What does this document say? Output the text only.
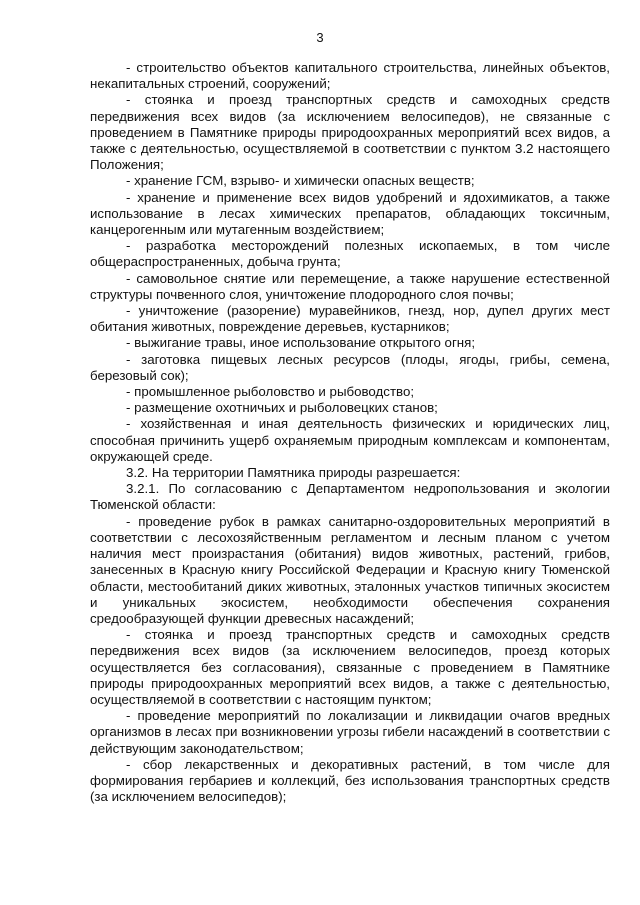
3

- строительство объектов капитального строительства, линейных объектов, некапитальных строений, сооружений;

- стоянка и проезд транспортных средств и самоходных средств передвижения всех видов (за исключением велосипедов), не связанные с проведением в Памятнике природы природоохранных мероприятий всех видов, а также с деятельностью, осуществляемой в соответствии с пунктом 3.2 настоящего Положения;

- хранение ГСМ, взрыво- и химически опасных веществ;

- хранение и применение всех видов удобрений и ядохимикатов, а также использование в лесах химических препаратов, обладающих токсичным, канцерогенным или мутагенным воздействием;

- разработка месторождений полезных ископаемых, в том числе общераспространенных, добыча грунта;

- самовольное снятие или перемещение, а также нарушение естественной структуры почвенного слоя, уничтожение плодородного слоя почвы;

- уничтожение (разорение) муравейников, гнезд, нор, дупел других мест обитания животных, повреждение деревьев, кустарников;

- выжигание травы, иное использование открытого огня;

- заготовка пищевых лесных ресурсов (плоды, ягоды, грибы, семена, березовый сок);

- промышленное рыболовство и рыбоводство;

- размещение охотничьих и рыболовецких станов;

- хозяйственная и иная деятельность физических и юридических лиц, способная причинить ущерб охраняемым природным комплексам и компонентам, окружающей среде.

3.2. На территории Памятника природы разрешается:

3.2.1. По согласованию с Департаментом недропользования и экологии Тюменской области:

- проведение рубок в рамках санитарно-оздоровительных мероприятий в соответствии с лесохозяйственным регламентом и лесным планом с учетом наличия мест произрастания (обитания) видов животных, растений, грибов, занесенных в Красную книгу Российской Федерации и Красную книгу Тюменской области, местообитаний диких животных, эталонных участков типичных экосистем и уникальных экосистем, необходимости обеспечения сохранения средообразующей функции древесных насаждений;

- стоянка и проезд транспортных средств и самоходных средств передвижения всех видов (за исключением велосипедов, проезд которых осуществляется без согласования), связанные с проведением в Памятнике природы природоохранных мероприятий всех видов, а также с деятельностью, осуществляемой в соответствии с настоящим пунктом;

- проведение мероприятий по локализации и ликвидации очагов вредных организмов в лесах при возникновении угрозы гибели насаждений в соответствии с действующим законодательством;

- сбор лекарственных и декоративных растений, в том числе для формирования гербариев и коллекций, без использования транспортных средств (за исключением велосипедов);
